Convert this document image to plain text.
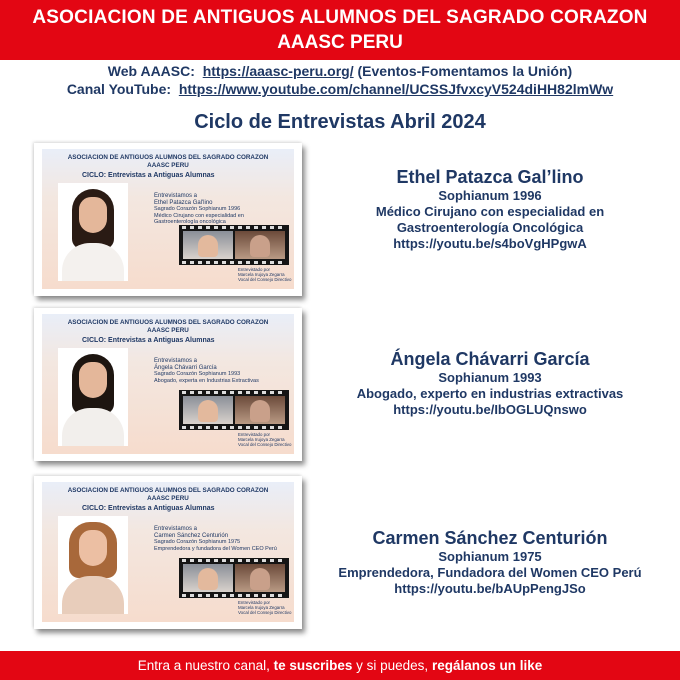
ASOCIACION DE ANTIGUOS ALUMNOS DEL SAGRADO CORAZON
AAASC PERU
Web AAASC: https://aaasc-peru.org/ (Eventos-Fomentamos la Unión)
Canal YouTube: https://www.youtube.com/channel/UCSSJfvxcyV524diHH82lmWw
Ciclo de Entrevistas Abril 2024
ASOCIACION DE ANTIGUOS ALUMNOS DEL SAGRADO CORAZON
AAASC PERU
CICLO: Entrevistas a Antiguas Alumnas
Entrevistamos a
Ethel Patazca Gal'lino
Sagrado Corazón Sophianum 1996
Médico Cirujano con especialidad en
Gastroenterología oncológica
Entrevistado por
Marcela Irujoya Zegarra
Vocal del Consejo Directivo
ASOCIACION DE ANTIGUOS ALUMNOS DEL SAGRADO CORAZON
AAASC PERU
CICLO: Entrevistas a Antiguas Alumnas
Entrevistamos a
Ángela Chávarri García
Sagrado Corazón Sophianum 1993
Abogado, experta en Industrias Extractivas
Entrevistado por
Marcela Irujoya Zegarra
Vocal del Consejo Directivo
ASOCIACION DE ANTIGUOS ALUMNOS DEL SAGRADO CORAZON
AAASC PERU
CICLO: Entrevistas a Antiguas Alumnas
Entrevistamos a
Carmen Sánchez Centurión
Sagrado Corazón Sophianum 1975
Emprendedora y fundadora del Women CEO Perú
Entrevistado por
Marcela Irujoya Zegarra
Vocal del Consejo Directivo
Ethel Patazca Gal’lino
Sophianum 1996
Médico Cirujano con especialidad en
Gastroenterología Oncológica
https://youtu.be/s4boVgHPgwA
Ángela Chávarri García
Sophianum 1993
Abogado, experto en industrias extractivas
https://youtu.be/IbOGLUQnswo
Carmen Sánchez Centurión
Sophianum 1975
Emprendedora, Fundadora del Women CEO Perú
https://youtu.be/bAUpPengJSo
Entra a nuestro canal, te suscribes y si puedes, regálanos un like
